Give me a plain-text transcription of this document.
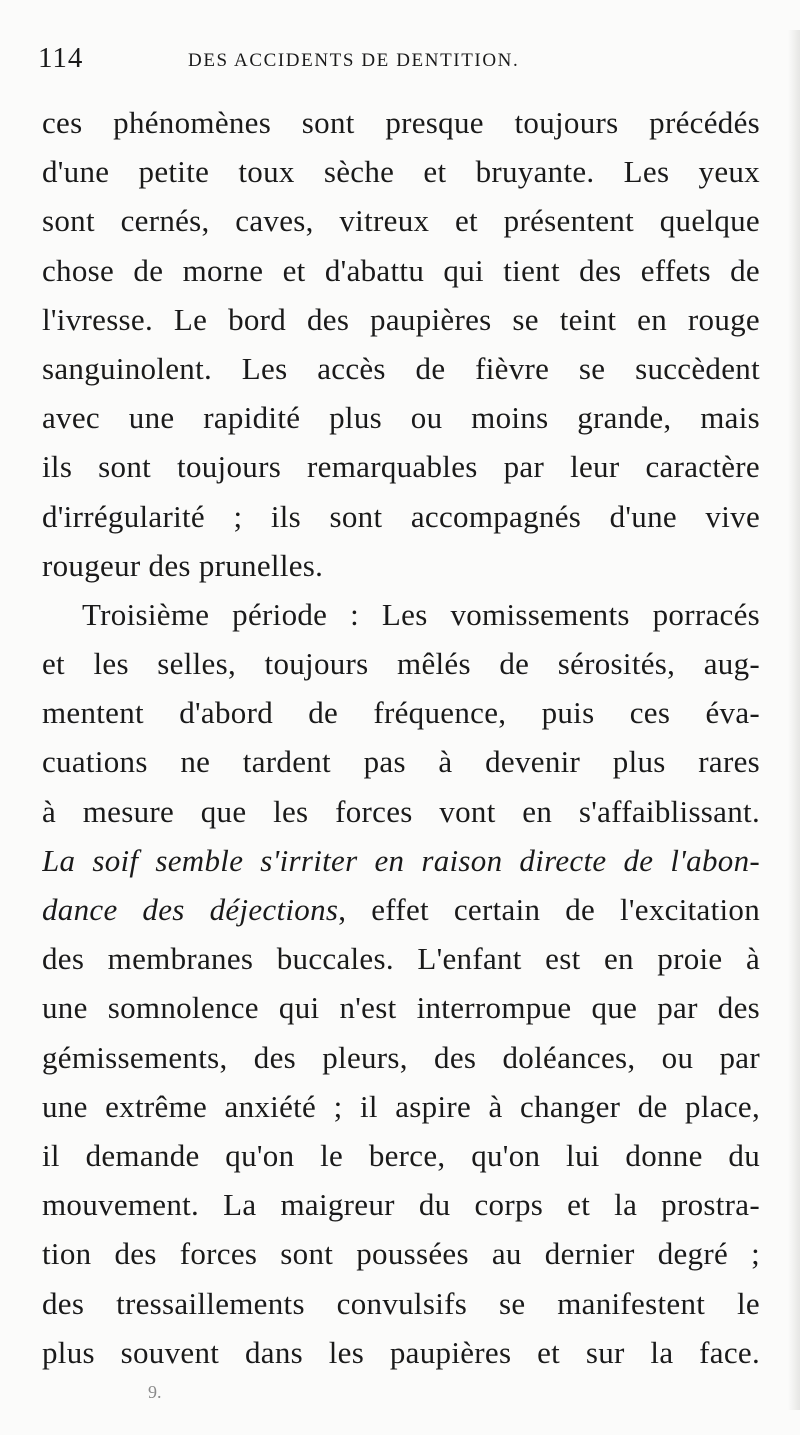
114	DES ACCIDENTS DE DENTITION.
ces phénomènes sont presque toujours précédés
d'une petite toux sèche et bruyante. Les yeux
sont cernés, caves, vitreux et présentent quelque
chose de morne et d'abattu qui tient des effets de
l'ivresse. Le bord des paupières se teint en rouge
sanguinolent. Les accès de fièvre se succèdent
avec une rapidité plus ou moins grande, mais
ils sont toujours remarquables par leur caractère
d'irrégularité ; ils sont accompagnés d'une vive
rougeur des prunelles.
Troisième période : Les vomissements porracés
et les selles, toujours mêlés de sérosités, aug-
mentent d'abord de fréquence, puis ces éva-
cuations ne tardent pas à devenir plus rares
à mesure que les forces vont en s'affaiblissant.
La soif semble s'irriter en raison directe de l'abon-
dance des déjections, effet certain de l'excitation
des membranes buccales. L'enfant est en proie à
une somnolence qui n'est interrompue que par des
gémissements, des pleurs, des doléances, ou par
une extrême anxiété ; il aspire à changer de place,
il demande qu'on le berce, qu'on lui donne du
mouvement. La maigreur du corps et la prostra-
tion des forces sont poussées au dernier degré ;
des tressaillements convulsifs se manifestent le
plus souvent dans les paupières et sur la face.
9.
